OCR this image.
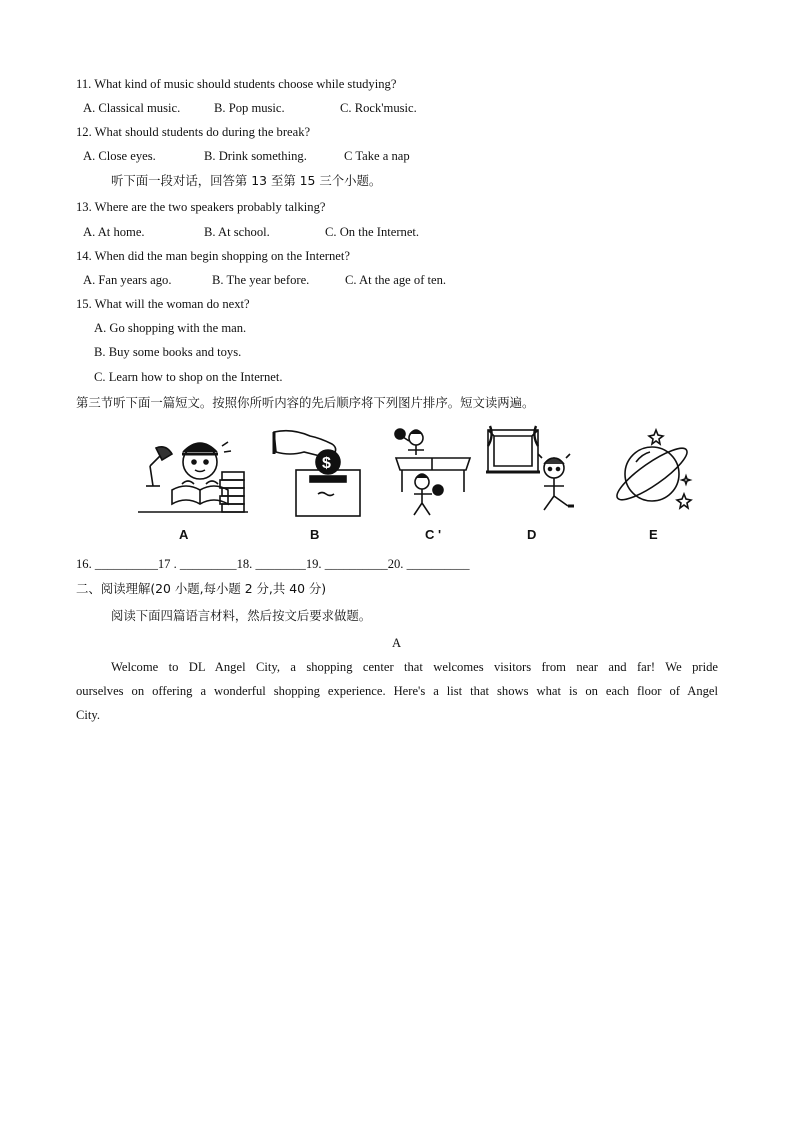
11. What kind of music should students choose while studying?
A. Classical music.	B. Pop music.	C. Rock'music.
12. What should students do during the break?
A. Close eyes.	B. Drink something.	C Take a nap
听下面一段对话，回答第 13 至第 15 三个小题。
13. Where are the two speakers probably talking?
A. At home.	B. At school.	C. On the Internet.
14. When did the man begin shopping on the Internet?
A. Fan years ago.	B. The year before.	C. At the age of ten.
15. What will the woman do next?
A. Go shopping with the man.
B. Buy some books and toys.
C. Learn how to shop on the Internet.
第三节听下面一篇短文。按照你所听内容的先后顺序将下列图片排序。短文读两遍。
$
A	B	C '	D	E
16. __________17 . _________18. ________19. __________20. __________
二、阅读理解(20 小题,每小题 2 分,共 40 分)
阅读下面四篇语言材料，然后按文后要求做题。
A
Welcome to DL Angel City, a shopping center that welcomes visitors from near and far! We pride
ourselves on offering a wonderful shopping experience. Here's a list that shows what is on each floor of Angel
City.
